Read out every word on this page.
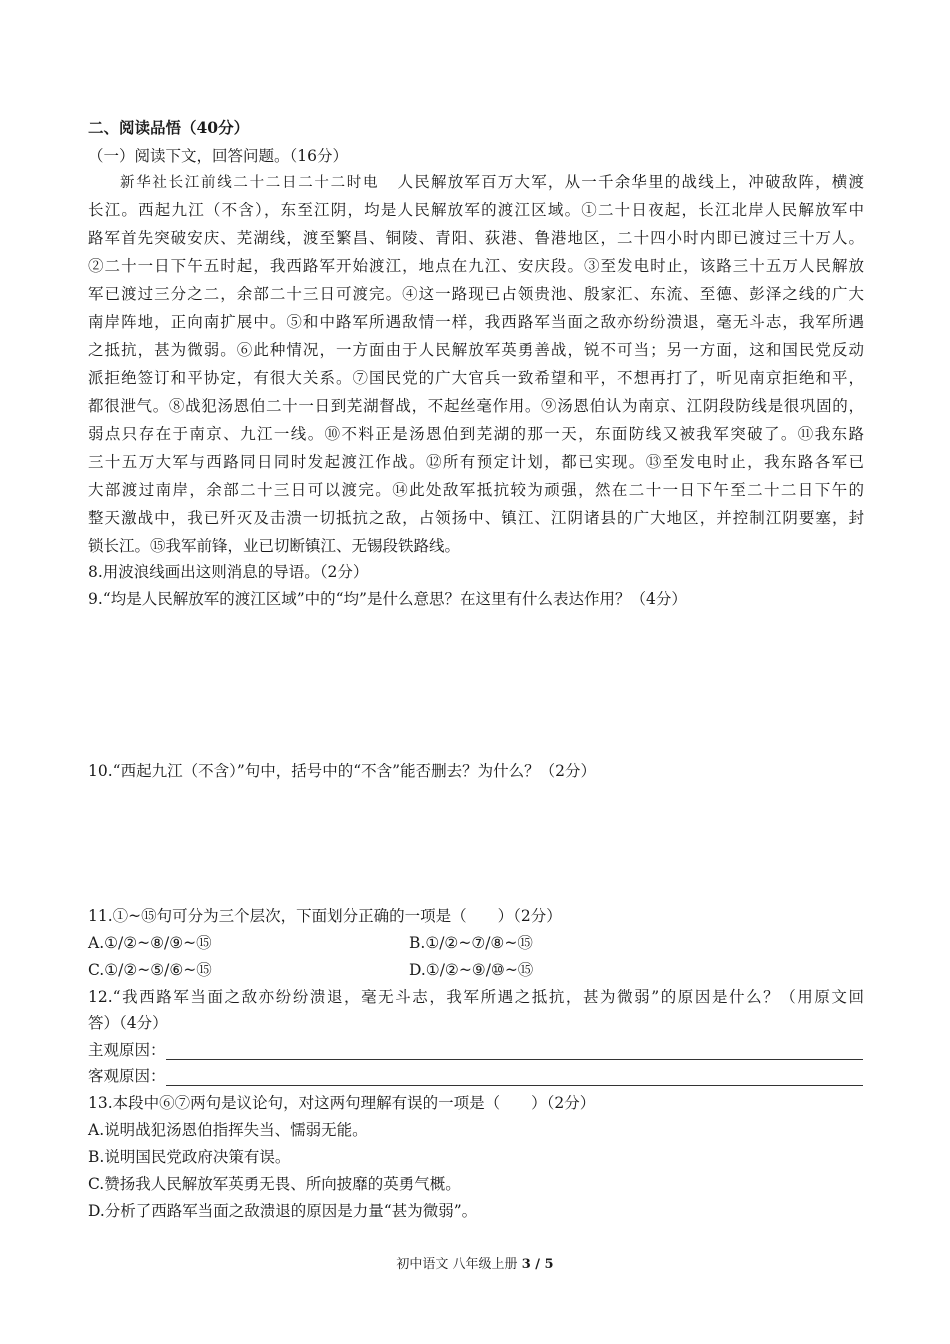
二、阅读品悟（40分）
（一）阅读下文，回答问题。（16分）
新华社长江前线二十二日二十二时电 人民解放军百万大军，从一千余华里的战线上，冲破敌阵，横渡
长江。西起九江（不含），东至江阴，均是人民解放军的渡江区域。①二十日夜起，长江北岸人民解放军中
路军首先突破安庆、芜湖线，渡至繁昌、铜陵、青阳、荻港、鲁港地区，二十四小时内即已渡过三十万人。
②二十一日下午五时起，我西路军开始渡江，地点在九江、安庆段。③至发电时止，该路三十五万人民解放
军已渡过三分之二，余部二十三日可渡完。④这一路现已占领贵池、殷家汇、东流、至德、彭泽之线的广大
南岸阵地，正向南扩展中。⑤和中路军所遇敌情一样，我西路军当面之敌亦纷纷溃退，毫无斗志，我军所遇
之抵抗，甚为微弱。⑥此种情况，一方面由于人民解放军英勇善战，锐不可当；另一方面，这和国民党反动
派拒绝签订和平协定，有很大关系。⑦国民党的广大官兵一致希望和平，不想再打了，听见南京拒绝和平，
都很泄气。⑧战犯汤恩伯二十一日到芜湖督战，不起丝毫作用。⑨汤恩伯认为南京、江阴段防线是很巩固的，
弱点只存在于南京、九江一线。⑩不料正是汤恩伯到芜湖的那一天，东面防线又被我军突破了。⑪我东路
三十五万大军与西路同日同时发起渡江作战。⑫所有预定计划，都已实现。⑬至发电时止，我东路各军已
大部渡过南岸，余部二十三日可以渡完。⑭此处敌军抵抗较为顽强，然在二十一日下午至二十二日下午的
整天激战中，我已歼灭及击溃一切抵抗之敌，占领扬中、镇江、江阴诸县的广大地区，并控制江阴要塞，封
锁长江。⑮我军前锋，业已切断镇江、无锡段铁路线。
8.用波浪线画出这则消息的导语。（2分）
9.“均是人民解放军的渡江区域”中的“均”是什么意思？在这里有什么表达作用？（4分）
10.“西起九江（不含）”句中，括号中的“不含”能否删去？为什么？（2分）
11.①~⑮句可分为三个层次，下面划分正确的一项是（　　）（2分）
A.①/②~⑧/⑨~⑮	B.①/②~⑦/⑧~⑮
C.①/②~⑤/⑥~⑮	D.①/②~⑨/⑩~⑮
12.“我西路军当面之敌亦纷纷溃退，毫无斗志，我军所遇之抵抗，甚为微弱”的原因是什么？（用原文回
答）（4分）
主观原因：
客观原因：
13.本段中⑥⑦两句是议论句，对这两句理解有误的一项是（　　）（2分）
A.说明战犯汤恩伯指挥失当、懦弱无能。
B.说明国民党政府决策有误。
C.赞扬我人民解放军英勇无畏、所向披靡的英勇气概。
D.分析了西路军当面之敌溃退的原因是力量“甚为微弱”。
初中语文 八年级上册 3 / 5
